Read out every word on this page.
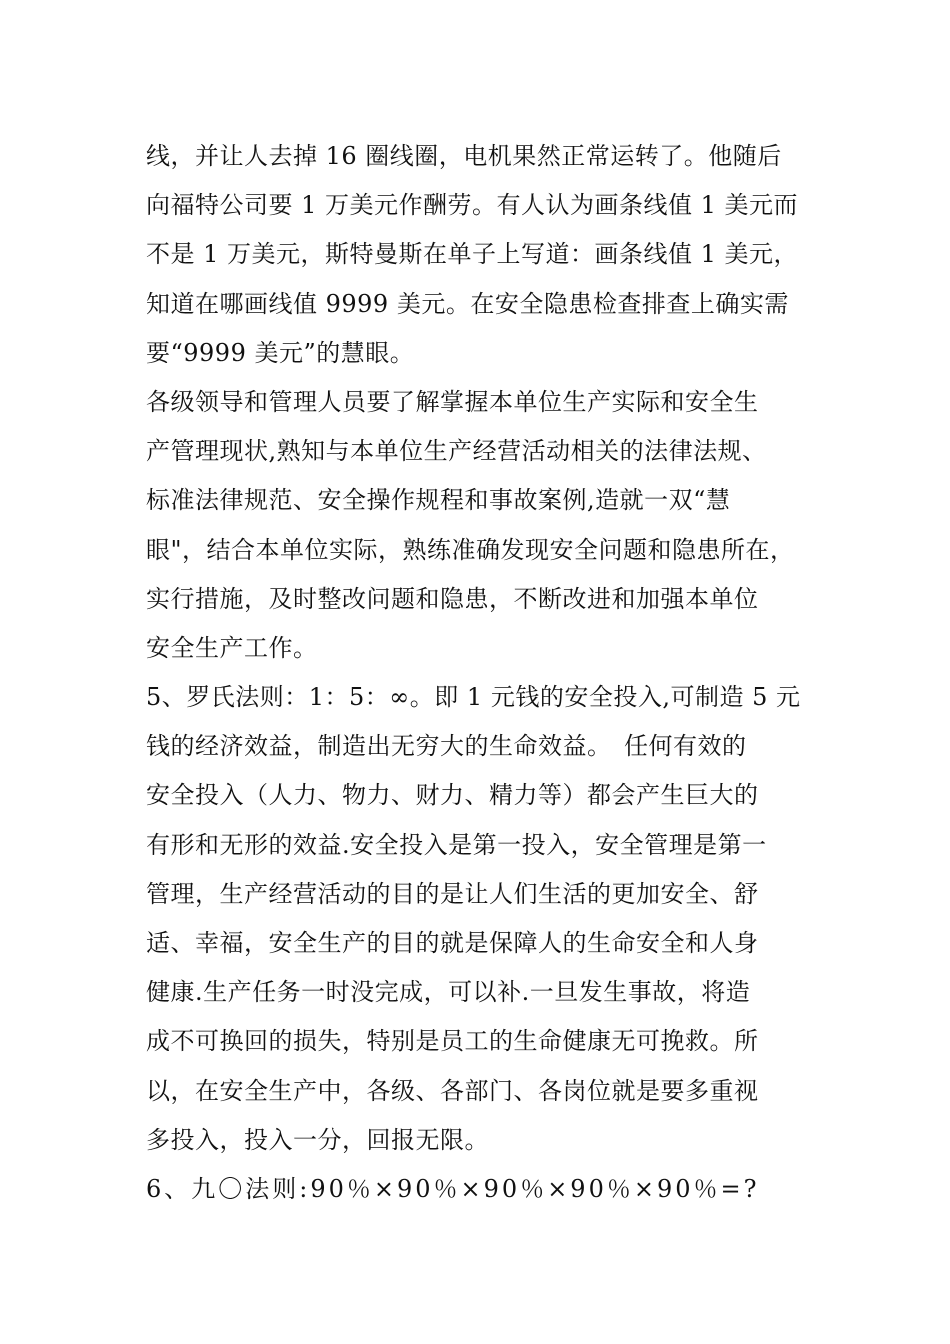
线，并让人去掉 16 圈线圈，电机果然正常运转了。他随后
向福特公司要 1 万美元作酬劳。有人认为画条线值 1 美元而
不是 1 万美元，斯特曼斯在单子上写道：画条线值 1 美元，
知道在哪画线值 9999 美元。在安全隐患检查排查上确实需
要“9999 美元”的慧眼。
各级领导和管理人员要了解掌握本单位生产实际和安全生
产管理现状,熟知与本单位生产经营活动相关的法律法规、
标准法律规范、安全操作规程和事故案例,造就一双“慧
眼"，结合本单位实际，熟练准确发现安全问题和隐患所在，
实行措施，及时整改问题和隐患，不断改进和加强本单位
安全生产工作。
5、罗氏法则：1：5：∞。即 1 元钱的安全投入,可制造 5 元
钱的经济效益，制造出无穷大的生命效益。　任何有效的
安全投入（人力、物力、财力、精力等）都会产生巨大的
有形和无形的效益.安全投入是第一投入，安全管理是第一
管理，生产经营活动的目的是让人们生活的更加安全、舒
适、幸福，安全生产的目的就是保障人的生命安全和人身
健康.生产任务一时没完成，可以补.一旦发生事故，将造
成不可换回的损失，特别是员工的生命健康无可挽救。所
以，在安全生产中，各级、各部门、各岗位就是要多重视
多投入，投入一分，回报无限。
6、九〇法则:90％×90％×90％×90％×90％=?
